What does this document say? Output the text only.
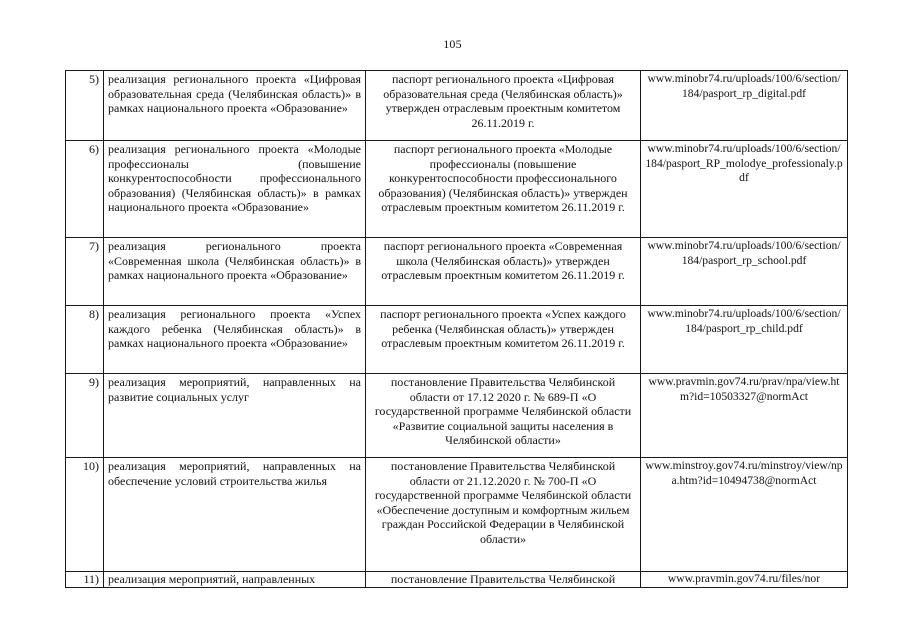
105
5)	реализация регионального проекта «Цифровая образовательная среда (Челябинская область)» в рамках национального проекта «Образование»	паспорт регионального проекта «Цифровая образовательная среда (Челябинская область)» утвержден отраслевым проектным комитетом 26.11.2019 г.	www.minobr74.ru/uploads/100/6/section/184/pasport_rp_digital.pdf
6)	реализация регионального проекта «Молодые профессионалы (повышение конкурентоспособности профессионального образования) (Челябинская область)» в рамках национального проекта «Образование»	паспорт регионального проекта «Молодые профессионалы (повышение конкурентоспособности профессионального образования) (Челябинская область)» утвержден отраслевым проектным комитетом 26.11.2019 г.	www.minobr74.ru/uploads/100/6/section/184/pasport_RP_molodye_professionaly.pdf
7)	реализация регионального проекта «Современная школа (Челябинская область)» в рамках национального проекта «Образование»	паспорт регионального проекта «Современная школа (Челябинская область)» утвержден отраслевым проектным комитетом 26.11.2019 г.	www.minobr74.ru/uploads/100/6/section/184/pasport_rp_school.pdf
8)	реализация регионального проекта «Успех каждого ребенка (Челябинская область)» в рамках национального проекта «Образование»	паспорт регионального проекта «Успех каждого ребенка (Челябинская область)» утвержден отраслевым проектным комитетом 26.11.2019 г.	www.minobr74.ru/uploads/100/6/section/184/pasport_rp_child.pdf
9)	реализация мероприятий, направленных на развитие социальных услуг	постановление Правительства Челябинской области от 17.12 2020 г. № 689-П «О государственной программе Челябинской области «Развитие социальной защиты населения в Челябинской области»	www.pravmin.gov74.ru/prav/npa/view.htm?id=10503327@normAct
10)	реализация мероприятий, направленных на обеспечение условий строительства жилья	постановление Правительства Челябинской области от 21.12.2020 г. № 700-П «О государственной программе Челябинской области «Обеспечение доступным и комфортным жильем граждан Российской Федерации в Челябинской области»	www.minstroy.gov74.ru/minstroy/view/npa.htm?id=10494738@normAct
11)	реализация мероприятий, направленных	постановление Правительства Челябинской	www.pravmin.gov74.ru/files/nor
